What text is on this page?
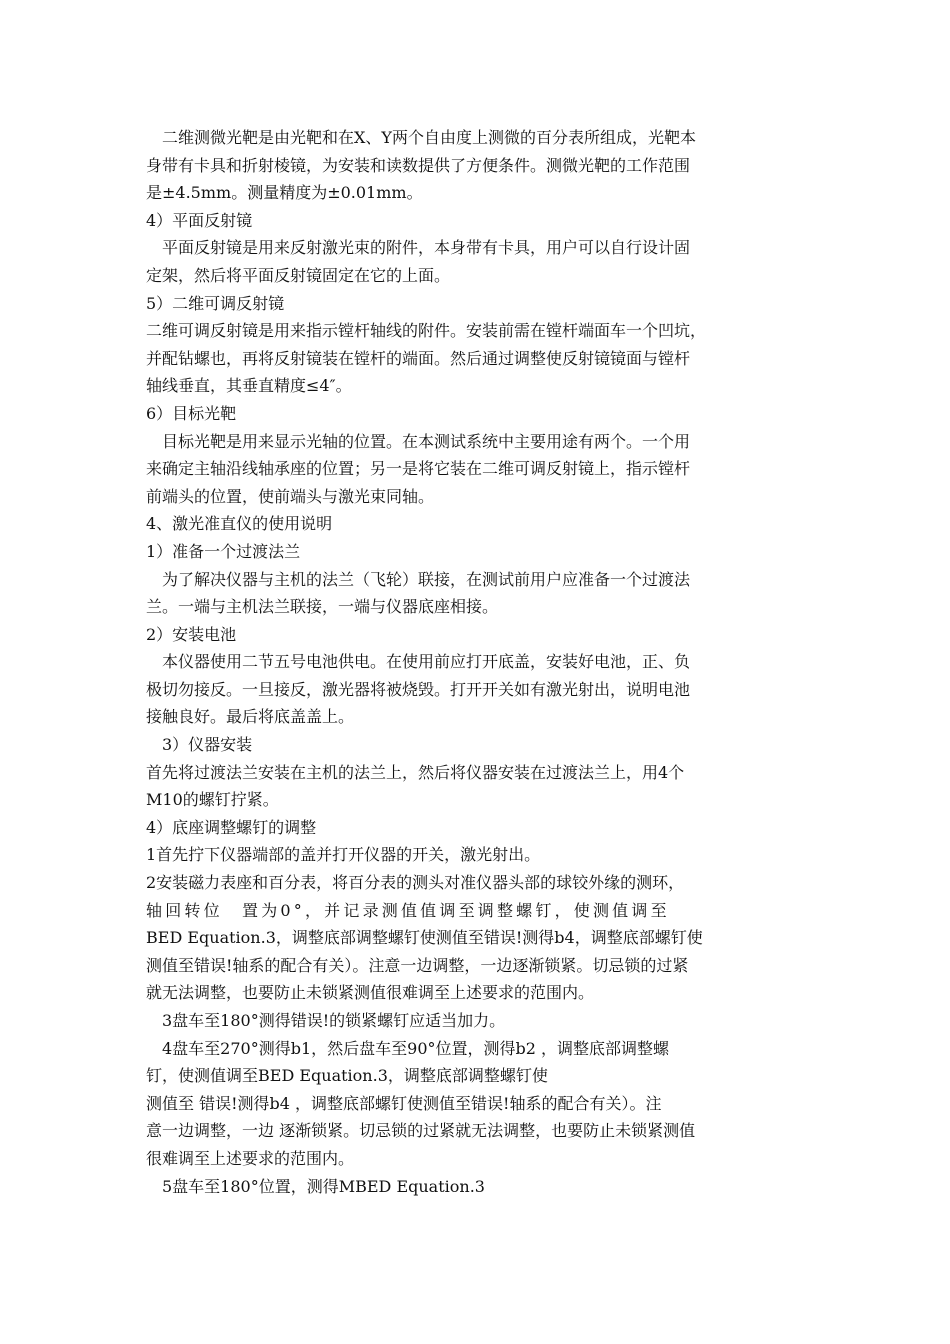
二维测微光靶是由光靶和在X、Y两个自由度上测微的百分表所组成，光靶本
身带有卡具和折射棱镜，为安装和读数提供了方便条件。测微光靶的工作范围
是±4.5mm。测量精度为±0.01mm。
4）平面反射镜
平面反射镜是用来反射激光束的附件，本身带有卡具，用户可以自行设计固
定架，然后将平面反射镜固定在它的上面。
5）二维可调反射镜
二维可调反射镜是用来指示镗杆轴线的附件。安装前需在镗杆端面车一个凹坑，
并配钻螺也，再将反射镜装在镗杆的端面。然后通过调整使反射镜镜面与镗杆
轴线垂直，其垂直精度≤4″。
6）目标光靶
目标光靶是用来显示光轴的位置。在本测试系统中主要用途有两个。一个用
来确定主轴沿线轴承座的位置；另一是将它装在二维可调反射镜上，指示镗杆
前端头的位置，使前端头与激光束同轴。
4、激光准直仪的使用说明
1）准备一个过渡法兰
为了解决仪器与主机的法兰（飞轮）联接，在测试前用户应准备一个过渡法
兰。一端与主机法兰联接，一端与仪器底座相接。
2）安装电池
本仪器使用二节五号电池供电。在使用前应打开底盖，安装好电池，正、负
极切勿接反。一旦接反，激光器将被烧毁。打开开关如有激光射出，说明电池
接触良好。最后将底盖盖上。
3）仪器安装
首先将过渡法兰安装在主机的法兰上，然后将仪器安装在过渡法兰上，用4个
M10的螺钉拧紧。
4）底座调整螺钉的调整
1首先拧下仪器端部的盖并打开仪器的开关，激光射出。
2安装磁力表座和百分表，将百分表的测头对准仪器头部的球铰外缘的测环，
轴回转位　置为0°，并记录测值值调至调整螺钉，使测值调至
BED Equation.3，调整底部调整螺钉使测值至错误!测得b4，调整底部螺钉使
测值至错误!轴系的配合有关）。注意一边调整，一边逐渐锁紧。切忌锁的过紧
就无法调整，也要防止未锁紧测值很难调至上述要求的范围内。
3盘车至180°测得错误!的锁紧螺钉应适当加力。
4盘车至270°测得b1，然后盘车至90°位置，测得b2 ，调整底部调整螺
钉，使测值调至BED Equation.3，调整底部调整螺钉使
测值至 错误!测得b4 ，调整底部螺钉使测值至错误!轴系的配合有关）。注
意一边调整，一边 逐渐锁紧。切忌锁的过紧就无法调整，也要防止未锁紧测值
很难调至上述要求的范围内。
5盘车至180°位置，测得MBED Equation.3
